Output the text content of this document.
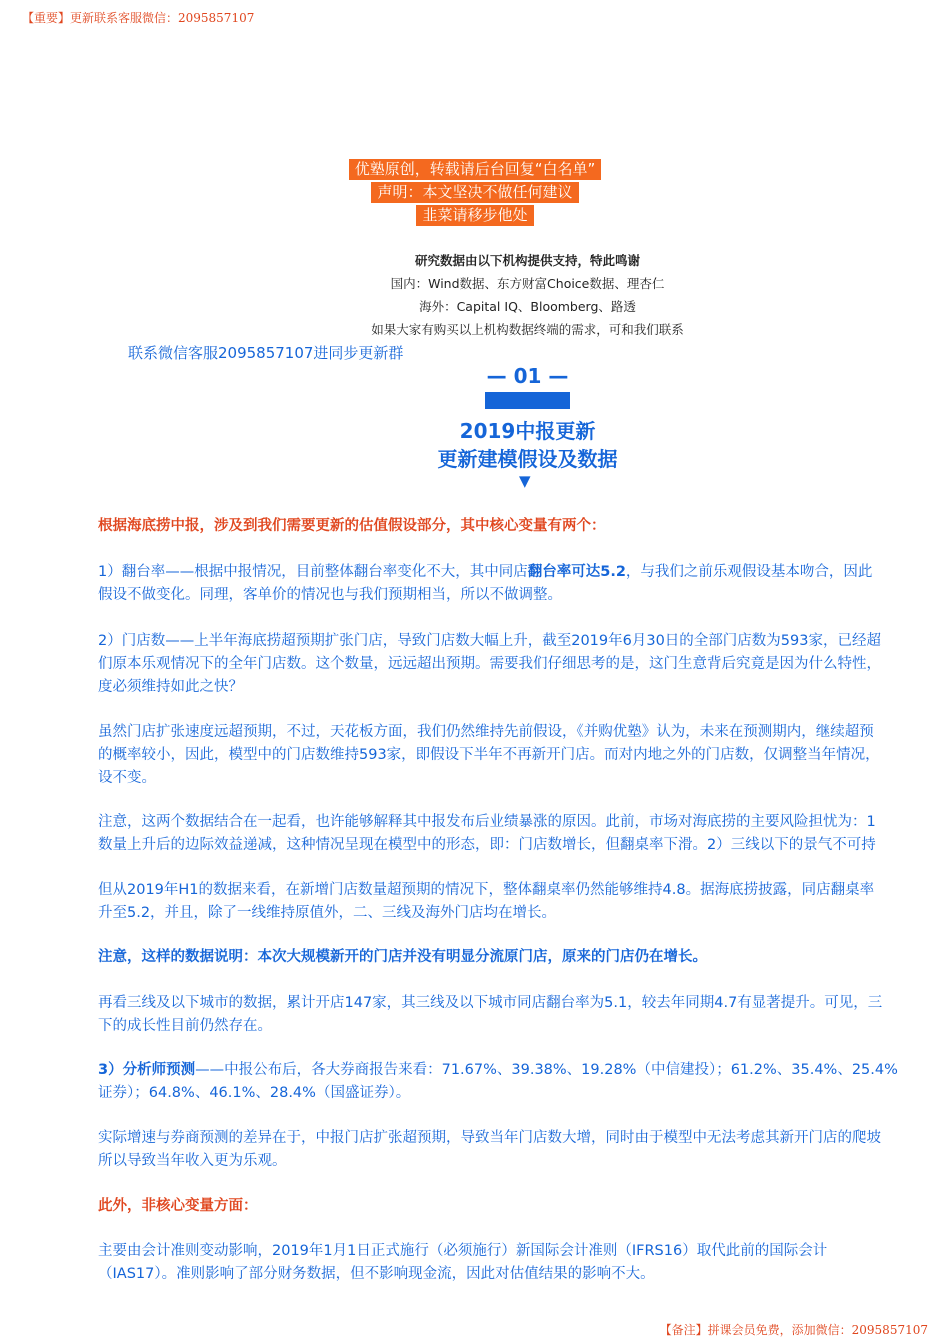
【重要】更新联系客服微信：2095857107
优塾原创，转载请后台回复“白名单”
声明：本文坚决不做任何建议
韭菜请移步他处
研究数据由以下机构提供支持，特此鸣谢
国内：Wind数据、东方财富Choice数据、理杏仁
海外：Capital IQ、Bloomberg、路透
如果大家有购买以上机构数据终端的需求，可和我们联系
联系微信客服2095857107进同步更新群
— 01 —
2019中报更新
更新建模假设及数据
▼
根据海底捞中报，涉及到我们需要更新的估值假设部分，其中核心变量有两个：
1）翻台率——根据中报情况，目前整体翻台率变化不大，其中同店翻台率可达5.2，与我们之前乐观假设基本吻合，因此
假设不做变化。同理，客单价的情况也与我们预期相当，所以不做调整。
2）门店数——上半年海底捞超预期扩张门店，导致门店数大幅上升，截至2019年6月30日的全部门店数为593家，已经超
们原本乐观情况下的全年门店数。这个数量，远远超出预期。需要我们仔细思考的是，这门生意背后究竟是因为什么特性，
度必须维持如此之快？
虽然门店扩张速度远超预期，不过，天花板方面，我们仍然维持先前假设，《并购优塾》认为，未来在预测期内，继续超预
的概率较小，因此，模型中的门店数维持593家，即假设下半年不再新开门店。而对内地之外的门店数，仅调整当年情况，
设不变。
注意，这两个数据结合在一起看，也许能够解释其中报发布后业绩暴涨的原因。此前，市场对海底捞的主要风险担忧为：1
数量上升后的边际效益递减，这种情况呈现在模型中的形态，即：门店数增长，但翻桌率下滑。2）三线以下的景气不可持
但从2019年H1的数据来看，在新增门店数量超预期的情况下，整体翻桌率仍然能够维持4.8。据海底捞披露，同店翻桌率
升至5.2，并且，除了一线维持原值外，二、三线及海外门店均在增长。
注意，这样的数据说明：本次大规模新开的门店并没有明显分流原门店，原来的门店仍在增长。
再看三线及以下城市的数据，累计开店147家，其三线及以下城市同店翻台率为5.1，较去年同期4.7有显著提升。可见，三
下的成长性目前仍然存在。
3）分析师预测——中报公布后，各大券商报告来看：71.67%、39.38%、19.28%（中信建投）；61.2%、35.4%、25.4%
证券）；64.8%、46.1%、28.4%（国盛证券）。
实际增速与券商预测的差异在于，中报门店扩张超预期，导致当年门店数大增，同时由于模型中无法考虑其新开门店的爬坡
所以导致当年收入更为乐观。
此外，非核心变量方面：
主要由会计准则变动影响，2019年1月1日正式施行（必须施行）新国际会计准则（IFRS16）取代此前的国际会计
（IAS17）。准则影响了部分财务数据，但不影响现金流，因此对估值结果的影响不大。
【备注】拼课会员免费，添加微信：2095857107
